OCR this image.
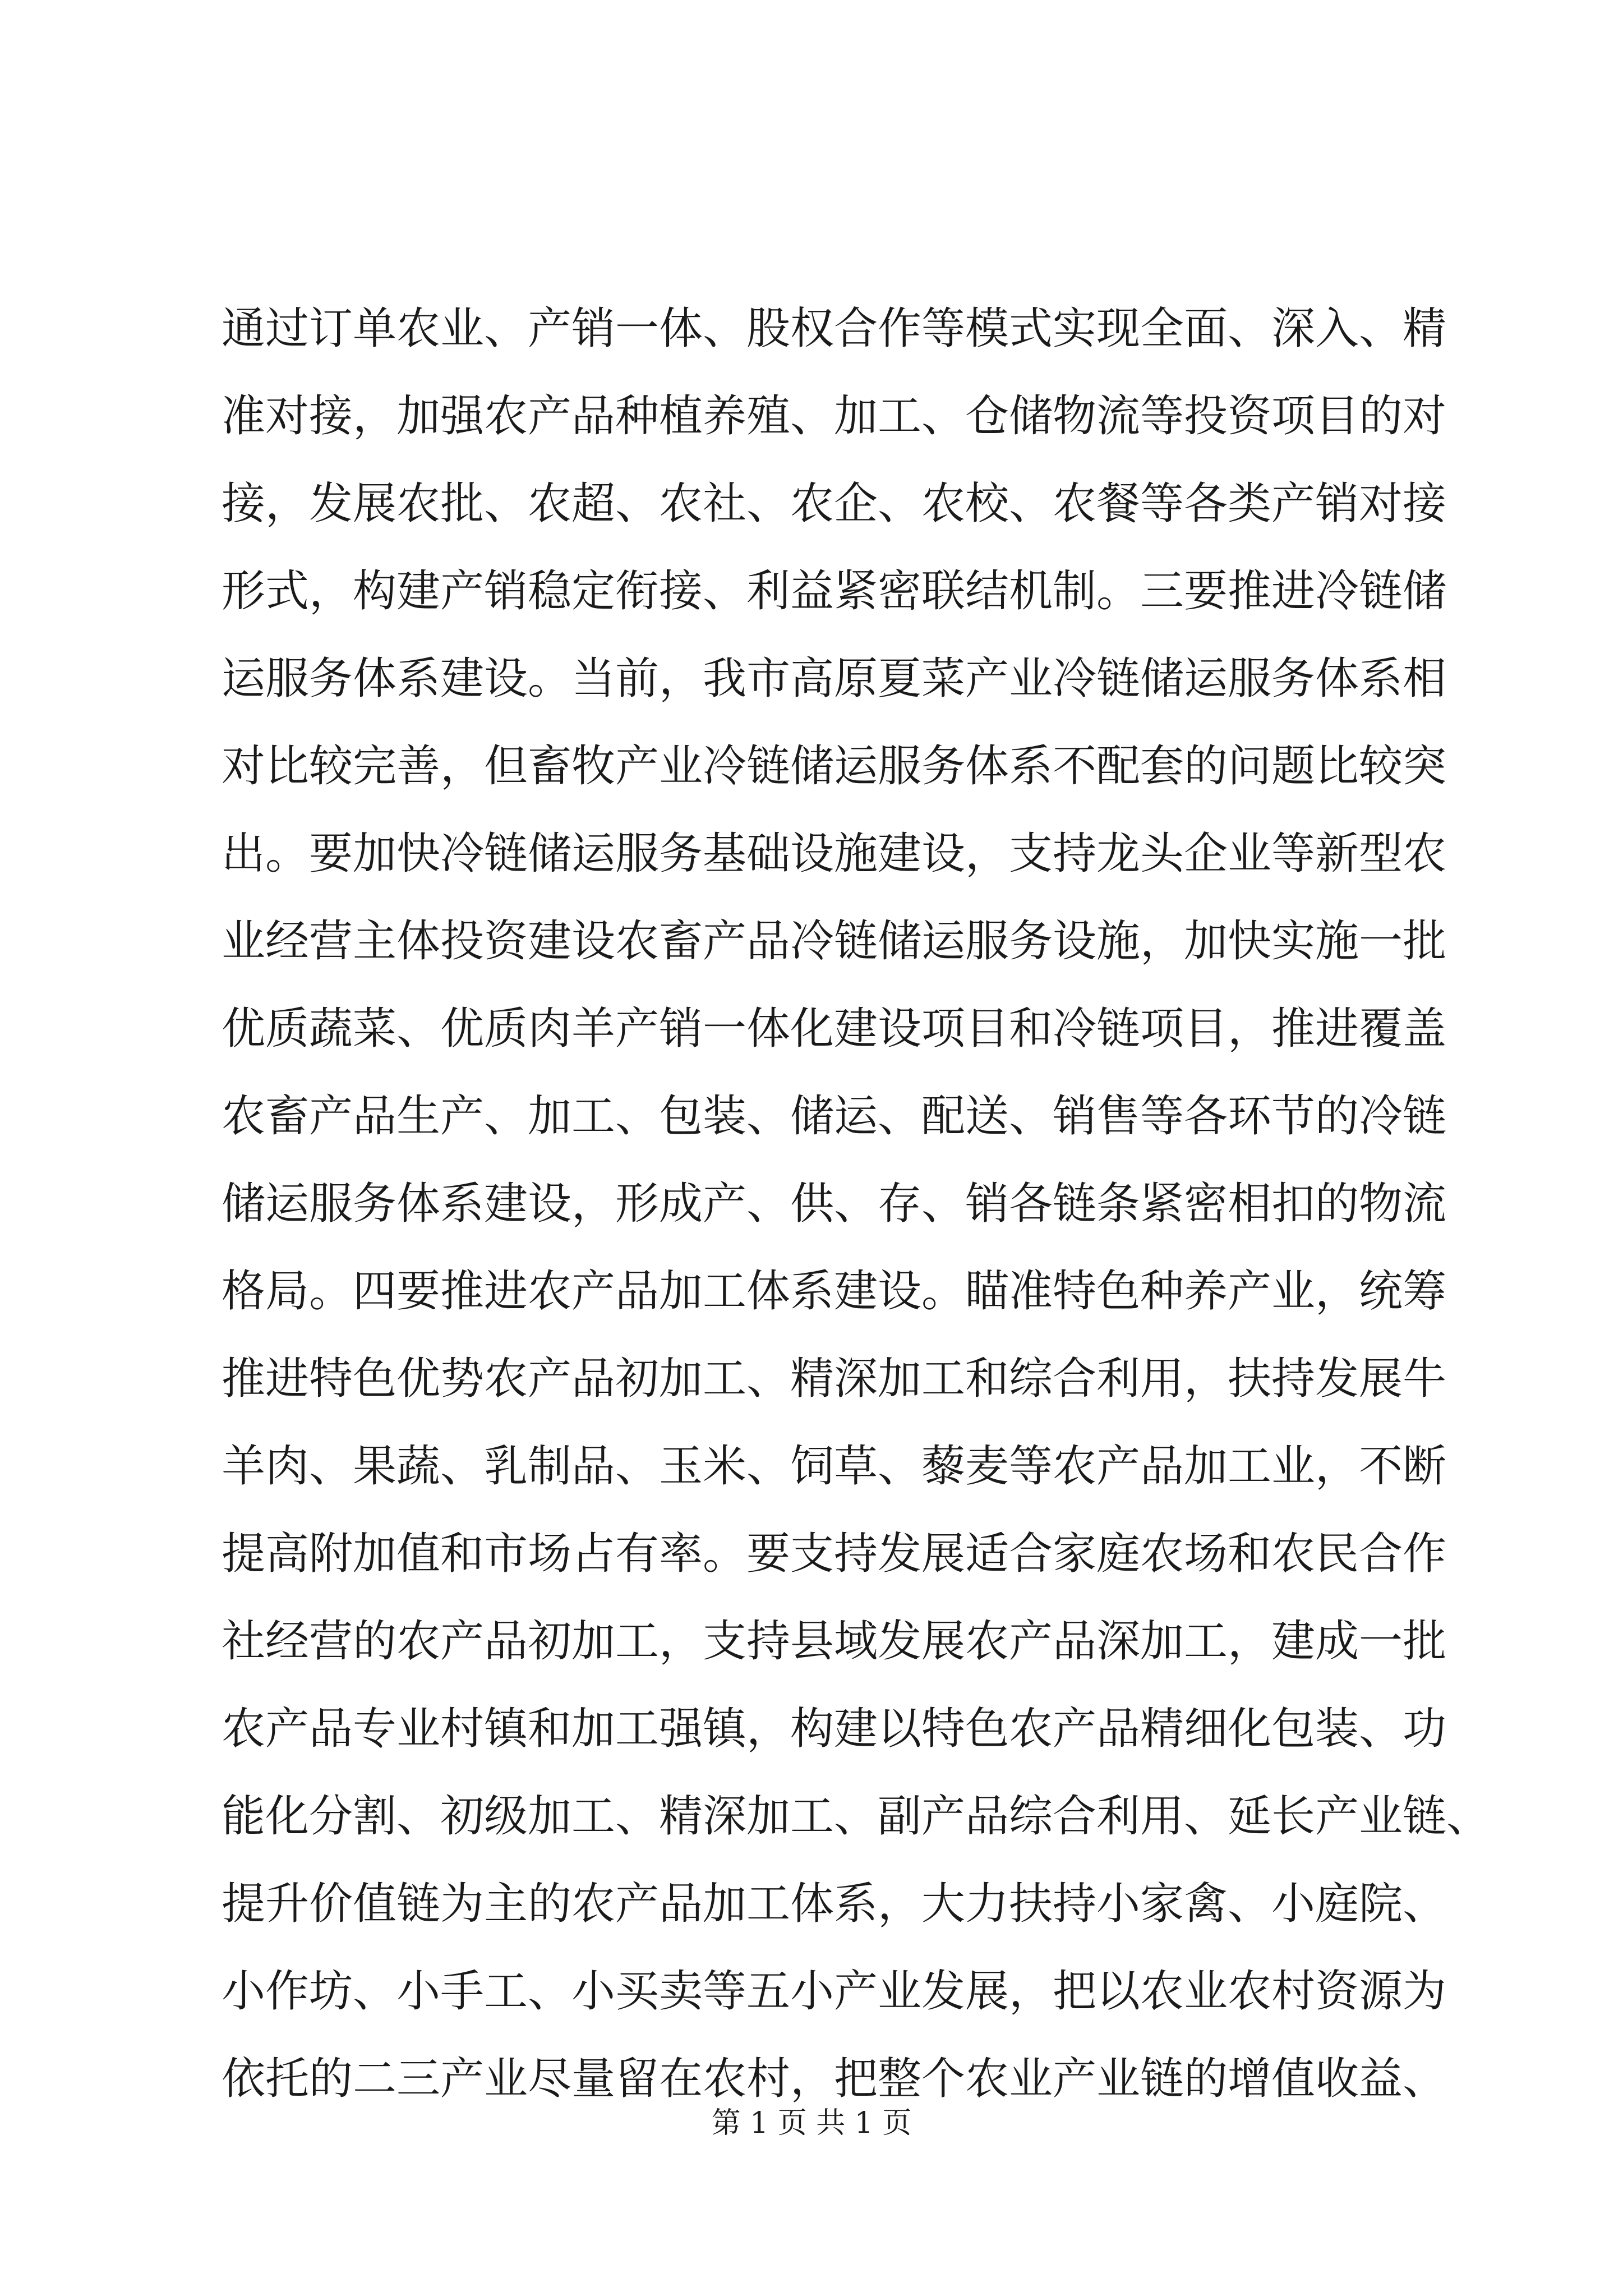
通过订单农业、产销一体、股权合作等模式实现全面、深入、精
准对接，加强农产品种植养殖、加工、仓储物流等投资项目的对
接，发展农批、农超、农社、农企、农校、农餐等各类产销对接
形式，构建产销稳定衔接、利益紧密联结机制。三要推进冷链储
运服务体系建设。当前，我市高原夏菜产业冷链储运服务体系相
对比较完善，但畜牧产业冷链储运服务体系不配套的问题比较突
出。要加快冷链储运服务基础设施建设，支持龙头企业等新型农
业经营主体投资建设农畜产品冷链储运服务设施，加快实施一批
优质蔬菜、优质肉羊产销一体化建设项目和冷链项目，推进覆盖
农畜产品生产、加工、包装、储运、配送、销售等各环节的冷链
储运服务体系建设，形成产、供、存、销各链条紧密相扣的物流
格局。四要推进农产品加工体系建设。瞄准特色种养产业，统筹
推进特色优势农产品初加工、精深加工和综合利用，扶持发展牛
羊肉、果蔬、乳制品、玉米、饲草、藜麦等农产品加工业，不断
提高附加值和市场占有率。要支持发展适合家庭农场和农民合作
社经营的农产品初加工，支持县域发展农产品深加工，建成一批
农产品专业村镇和加工强镇，构建以特色农产品精细化包装、功
能化分割、初级加工、精深加工、副产品综合利用、延长产业链、
提升价值链为主的农产品加工体系，大力扶持小家禽、小庭院、
小作坊、小手工、小买卖等五小产业发展，把以农业农村资源为
依托的二三产业尽量留在农村，把整个农业产业链的增值收益、
第 1 页 共 1 页
